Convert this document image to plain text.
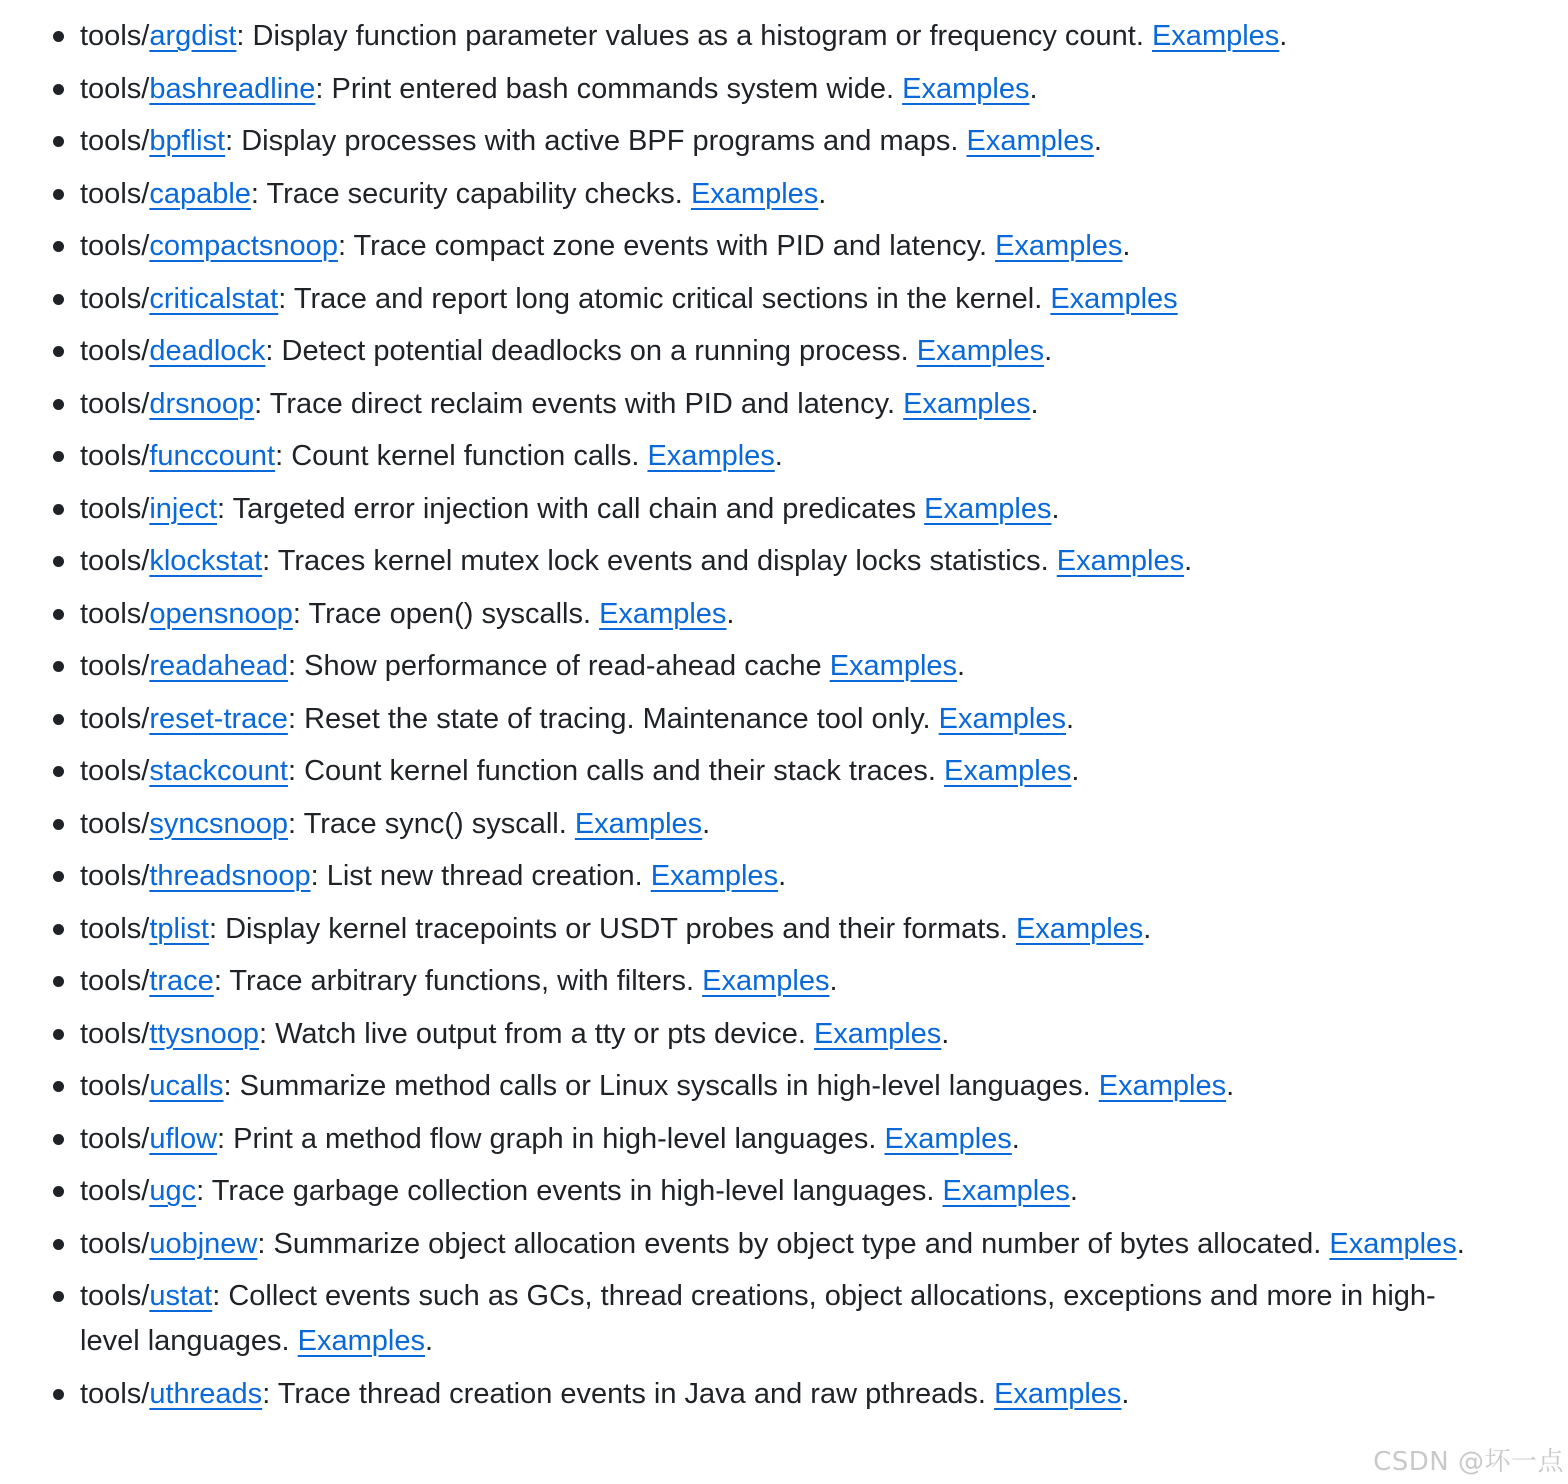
tools/argdist: Display function parameter values as a histogram or frequency count. Examples.
tools/bashreadline: Print entered bash commands system wide. Examples.
tools/bpflist: Display processes with active BPF programs and maps. Examples.
tools/capable: Trace security capability checks. Examples.
tools/compactsnoop: Trace compact zone events with PID and latency. Examples.
tools/criticalstat: Trace and report long atomic critical sections in the kernel. Examples
tools/deadlock: Detect potential deadlocks on a running process. Examples.
tools/drsnoop: Trace direct reclaim events with PID and latency. Examples.
tools/funccount: Count kernel function calls. Examples.
tools/inject: Targeted error injection with call chain and predicates Examples.
tools/klockstat: Traces kernel mutex lock events and display locks statistics. Examples.
tools/opensnoop: Trace open() syscalls. Examples.
tools/readahead: Show performance of read-ahead cache Examples.
tools/reset-trace: Reset the state of tracing. Maintenance tool only. Examples.
tools/stackcount: Count kernel function calls and their stack traces. Examples.
tools/syncsnoop: Trace sync() syscall. Examples.
tools/threadsnoop: List new thread creation. Examples.
tools/tplist: Display kernel tracepoints or USDT probes and their formats. Examples.
tools/trace: Trace arbitrary functions, with filters. Examples.
tools/ttysnoop: Watch live output from a tty or pts device. Examples.
tools/ucalls: Summarize method calls or Linux syscalls in high-level languages. Examples.
tools/uflow: Print a method flow graph in high-level languages. Examples.
tools/ugc: Trace garbage collection events in high-level languages. Examples.
tools/uobjnew: Summarize object allocation events by object type and number of bytes allocated. Examples.
tools/ustat: Collect events such as GCs, thread creations, object allocations, exceptions and more in high-level languages. Examples.
tools/uthreads: Trace thread creation events in Java and raw pthreads. Examples.
CSDN @坏一点
